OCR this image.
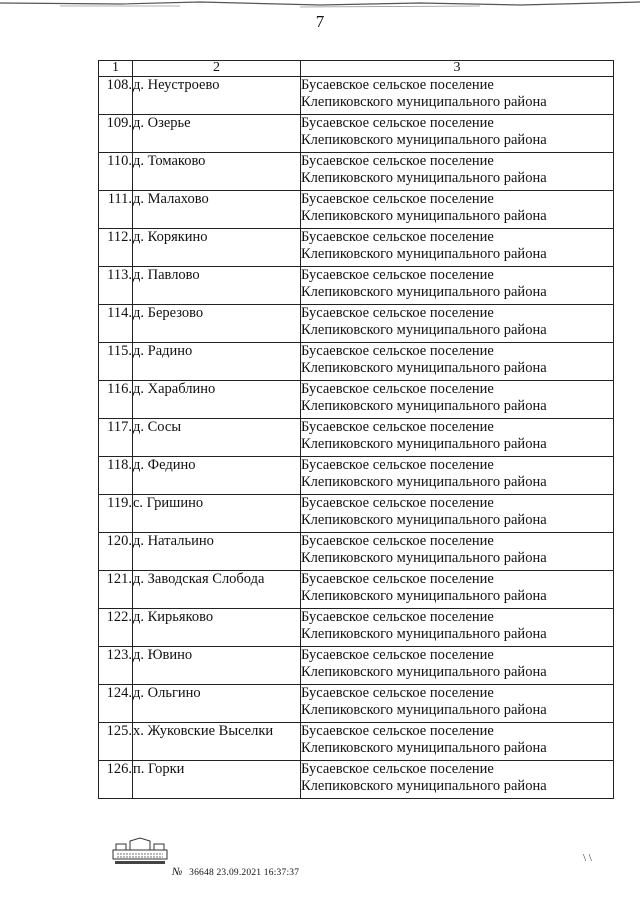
7
1	2	3
108.	д. Неустроево	Бусаевское сельское поселение
Клепиковского муниципального района

109.	д. Озерье	Бусаевское сельское поселение
Клепиковского муниципального района

110.	д. Томаково	Бусаевское сельское поселение
Клепиковского муниципального района

111.	д. Малахово	Бусаевское сельское поселение
Клепиковского муниципального района

112.	д. Корякино	Бусаевское сельское поселение
Клепиковского муниципального района

113.	д. Павлово	Бусаевское сельское поселение
Клепиковского муниципального района

114.	д. Березово	Бусаевское сельское поселение
Клепиковского муниципального района

115.	д. Радино	Бусаевское сельское поселение
Клепиковского муниципального района

116.	д. Хараблино	Бусаевское сельское поселение
Клепиковского муниципального района

117.	д. Сосы	Бусаевское сельское поселение
Клепиковского муниципального района

118.	д. Федино	Бусаевское сельское поселение
Клепиковского муниципального района

119.	с. Гришино	Бусаевское сельское поселение
Клепиковского муниципального района

120.	д. Натальино	Бусаевское сельское поселение
Клепиковского муниципального района

121.	д. Заводская Слобода	Бусаевское сельское поселение
Клепиковского муниципального района

122.	д. Кирьяково	Бусаевское сельское поселение
Клепиковского муниципального района

123.	д. Ювино	Бусаевское сельское поселение
Клепиковского муниципального района

124.	д. Ольгино	Бусаевское сельское поселение
Клепиковского муниципального района

125.	х. Жуковские Выселки	Бусаевское сельское поселение
Клепиковского муниципального района

126.	п. Горки	Бусаевское сельское поселение
Клепиковского муниципального района
№ 36648 23.09.2021 16:37:37
\ \
